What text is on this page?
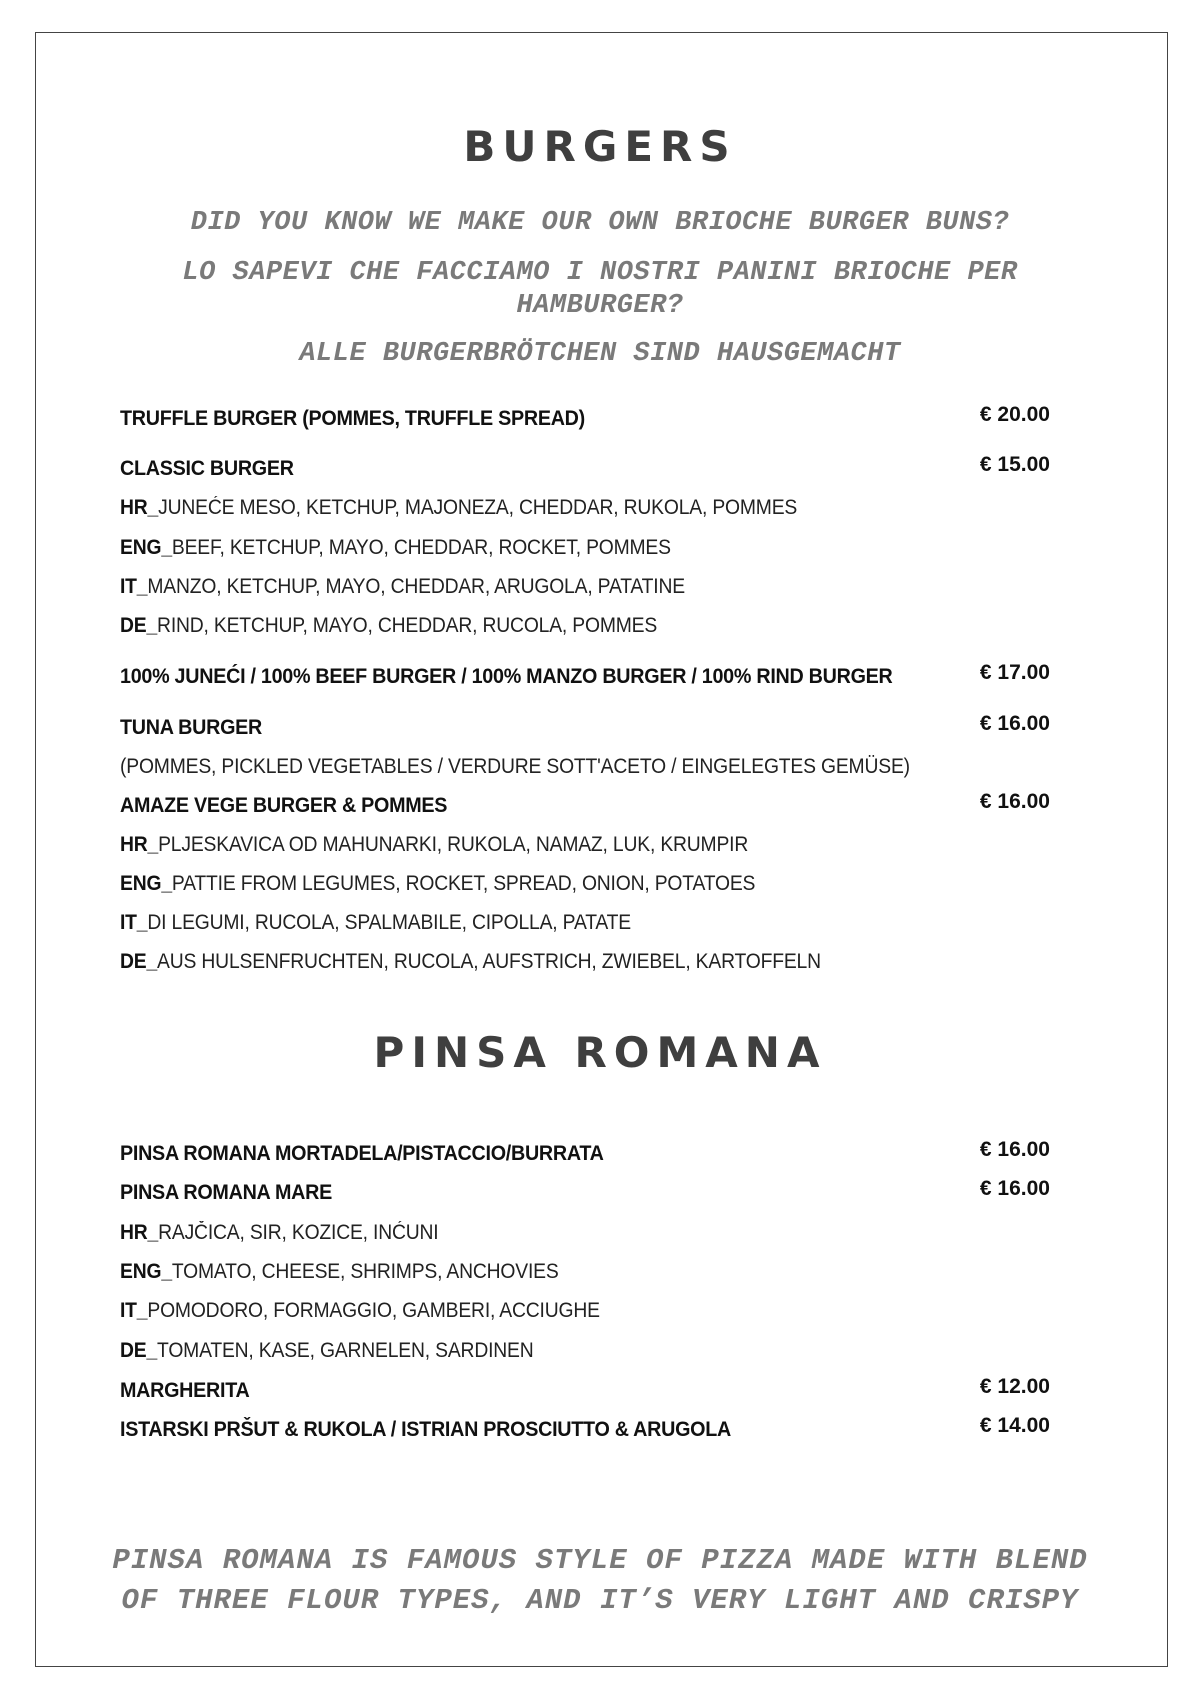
BURGERS
DID YOU KNOW WE MAKE OUR OWN BRIOCHE BURGER BUNS?
LO SAPEVI CHE FACCIAMO I NOSTRI PANINI BRIOCHE PER HAMBURGER?
ALLE BURGERBRÖTCHEN SIND HAUSGEMACHT
TRUFFLE BURGER (POMMES, TRUFFLE SPREAD)	€ 20.00
CLASSIC BURGER	€ 15.00
HR_JUNEĆE MESO, KETCHUP, MAJONEZA, CHEDDAR, RUKOLA, POMMES
ENG_BEEF, KETCHUP, MAYO, CHEDDAR, ROCKET, POMMES
IT_MANZO, KETCHUP, MAYO, CHEDDAR, ARUGOLA, PATATINE
DE_RIND, KETCHUP, MAYO, CHEDDAR, RUCOLA, POMMES
100% JUNEĆI / 100% BEEF BURGER / 100% MANZO BURGER / 100% RIND BURGER	€ 17.00
TUNA BURGER	€ 16.00
(POMMES, PICKLED VEGETABLES / VERDURE SOTT'ACETO / EINGELEGTES GEMÜSE)
AMAZE VEGE BURGER & POMMES	€ 16.00
HR_PLJESKAVICA OD MAHUNARKI, RUKOLA, NAMAZ, LUK, KRUMPIR
ENG_PATTIE FROM LEGUMES, ROCKET, SPREAD, ONION, POTATOES
IT_DI LEGUMI, RUCOLA, SPALMABILE, CIPOLLA, PATATE
DE_AUS HULSENFRUCHTEN, RUCOLA, AUFSTRICH, ZWIEBEL, KARTOFFELN
PINSA ROMANA
PINSA ROMANA MORTADELA/PISTACCIO/BURRATA	€ 16.00
PINSA ROMANA MARE	€ 16.00
HR_RAJČICA, SIR, KOZICE, INĆUNI
ENG_TOMATO, CHEESE, SHRIMPS, ANCHOVIES
IT_POMODORO, FORMAGGIO, GAMBERI, ACCIUGHE
DE_TOMATEN, KASE, GARNELEN, SARDINEN
MARGHERITA	€ 12.00
ISTARSKI PRŠUT & RUKOLA / ISTRIAN PROSCIUTTO & ARUGOLA	€ 14.00
PINSA ROMANA IS FAMOUS STYLE OF PIZZA MADE WITH BLEND OF THREE FLOUR TYPES, AND IT’S VERY LIGHT AND CRISPY
